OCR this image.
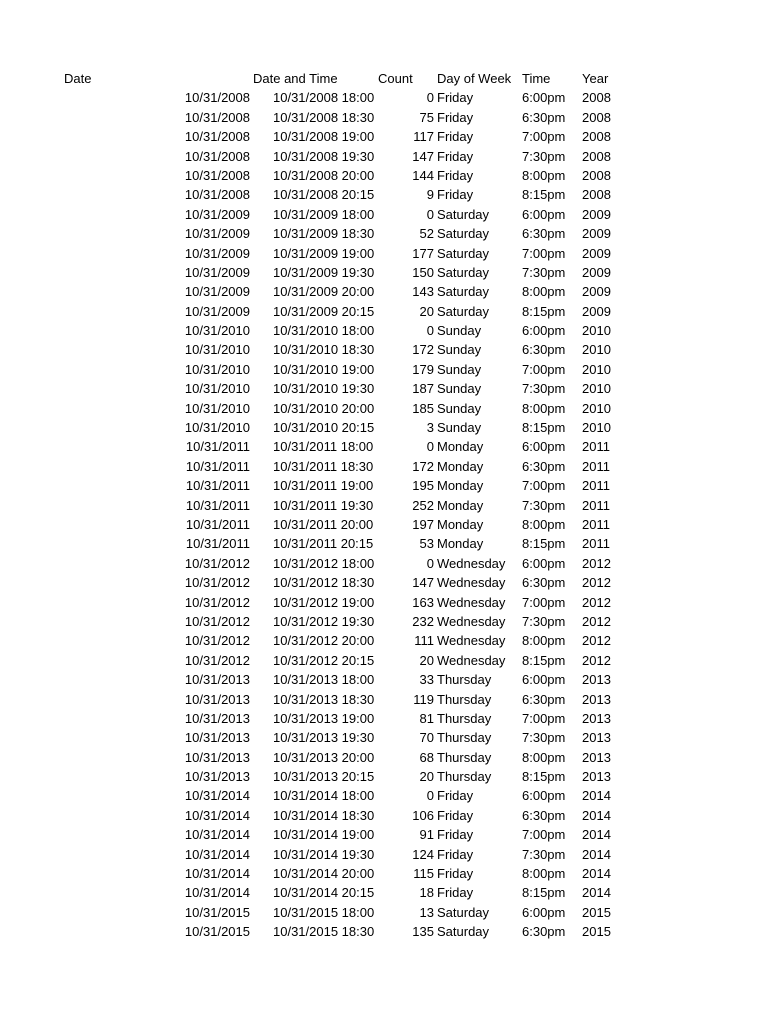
Date	Date and Time	Count Day of Week Time Year
10/31/2008 10/31/2008 18:00	0 Friday	6:00pm 2008
10/31/2008 10/31/2008 18:30	75 Friday	6:30pm 2008
10/31/2008 10/31/2008 19:00	117 Friday	7:00pm 2008
10/31/2008 10/31/2008 19:30	147 Friday	7:30pm 2008
10/31/2008 10/31/2008 20:00	144 Friday	8:00pm 2008
10/31/2008 10/31/2008 20:15	9 Friday	8:15pm 2008
10/31/2009 10/31/2009 18:00	0 Saturday	6:00pm 2009
10/31/2009 10/31/2009 18:30	52 Saturday	6:30pm 2009
10/31/2009 10/31/2009 19:00	177 Saturday	7:00pm 2009
10/31/2009 10/31/2009 19:30	150 Saturday	7:30pm 2009
10/31/2009 10/31/2009 20:00	143 Saturday	8:00pm 2009
10/31/2009 10/31/2009 20:15	20 Saturday	8:15pm 2009
10/31/2010 10/31/2010 18:00	0 Sunday	6:00pm 2010
10/31/2010 10/31/2010 18:30	172 Sunday	6:30pm 2010
10/31/2010 10/31/2010 19:00	179 Sunday	7:00pm 2010
10/31/2010 10/31/2010 19:30	187 Sunday	7:30pm 2010
10/31/2010 10/31/2010 20:00	185 Sunday	8:00pm 2010
10/31/2010 10/31/2010 20:15	3 Sunday	8:15pm 2010
10/31/2011 10/31/2011 18:00	0 Monday	6:00pm 2011
10/31/2011 10/31/2011 18:30	172 Monday	6:30pm 2011
10/31/2011 10/31/2011 19:00	195 Monday	7:00pm 2011
10/31/2011 10/31/2011 19:30	252 Monday	7:30pm 2011
10/31/2011 10/31/2011 20:00	197 Monday	8:00pm 2011
10/31/2011 10/31/2011 20:15	53 Monday	8:15pm 2011
10/31/2012 10/31/2012 18:00	0 Wednesday 6:00pm 2012
10/31/2012 10/31/2012 18:30	147 Wednesday 6:30pm 2012
10/31/2012 10/31/2012 19:00	163 Wednesday 7:00pm 2012
10/31/2012 10/31/2012 19:30	232 Wednesday 7:30pm 2012
10/31/2012 10/31/2012 20:00	111 Wednesday 8:00pm 2012
10/31/2012 10/31/2012 20:15	20 Wednesday 8:15pm 2012
10/31/2013 10/31/2013 18:00	33 Thursday 6:00pm 2013
10/31/2013 10/31/2013 18:30	119 Thursday 6:30pm 2013
10/31/2013 10/31/2013 19:00	81 Thursday 7:00pm 2013
10/31/2013 10/31/2013 19:30	70 Thursday 7:30pm 2013
10/31/2013 10/31/2013 20:00	68 Thursday 8:00pm 2013
10/31/2013 10/31/2013 20:15	20 Thursday 8:15pm 2013
10/31/2014 10/31/2014 18:00	0 Friday	6:00pm 2014
10/31/2014 10/31/2014 18:30	106 Friday	6:30pm 2014
10/31/2014 10/31/2014 19:00	91 Friday	7:00pm 2014
10/31/2014 10/31/2014 19:30	124 Friday	7:30pm 2014
10/31/2014 10/31/2014 20:00	115 Friday	8:00pm 2014
10/31/2014 10/31/2014 20:15	18 Friday	8:15pm 2014
10/31/2015 10/31/2015 18:00	13 Saturday	6:00pm 2015
10/31/2015 10/31/2015 18:30	135 Saturday	6:30pm 2015
